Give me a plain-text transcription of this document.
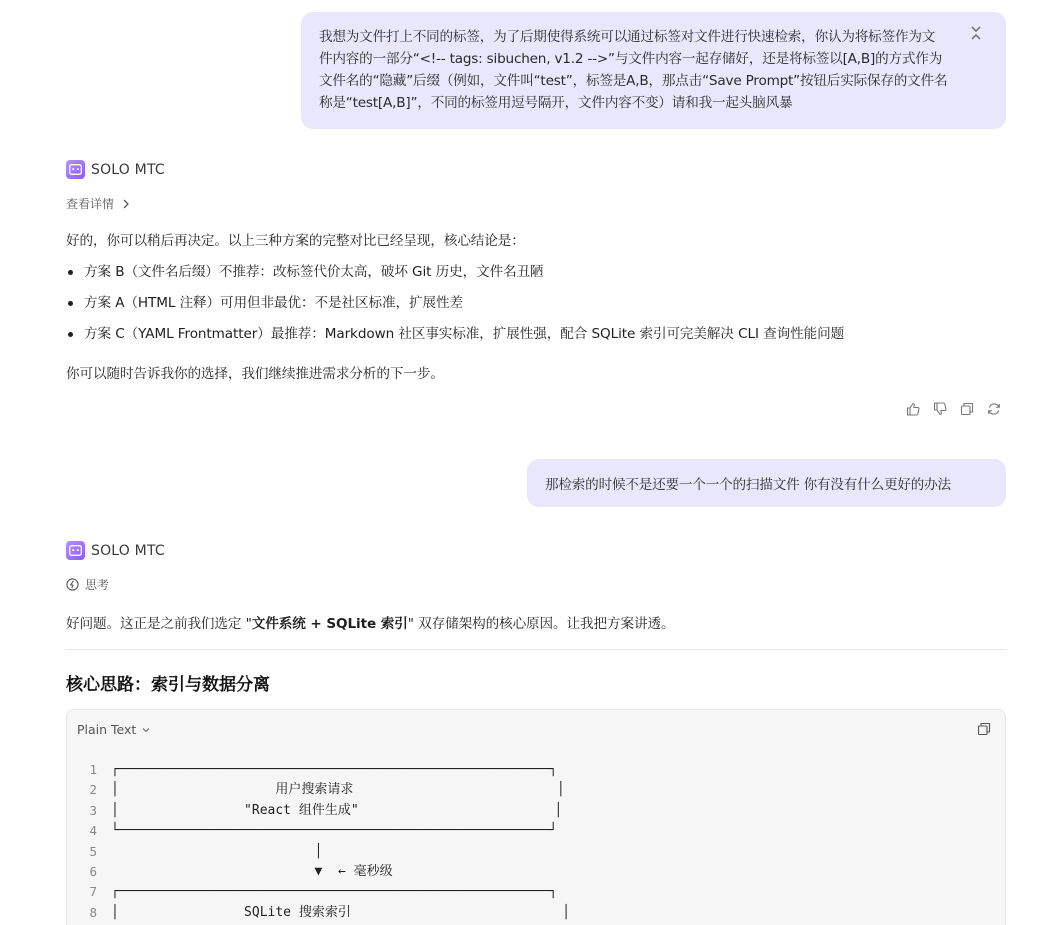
我想为文件打上不同的标签，为了后期使得系统可以通过标签对文件进行快速检索，你认为将标签作为文件内容的一部分“<!-- tags: sibuchen, v1.2 -->”与文件内容一起存储好，还是将标签以[A,B]的方式作为文件名的“隐藏”后缀（例如，文件叫“test”，标签是A,B，那点击“Save Prompt”按钮后实际保存的文件名称是“test[A,B]”，不同的标签用逗号隔开，文件内容不变）请和我一起头脑风暴
SOLO MTC
查看详情
好的，你可以稍后再决定。以上三种方案的完整对比已经呈现，核心结论是：
方案 B（文件名后缀）不推荐：改标签代价太高，破坏 Git 历史，文件名丑陋
方案 A（HTML 注释）可用但非最优：不是社区标准，扩展性差
方案 C（YAML Frontmatter）最推荐：Markdown 社区事实标准，扩展性强，配合 SQLite 索引可完美解决 CLI 查询性能问题
你可以随时告诉我你的选择，我们继续推进需求分析的下一步。
那检索的时候不是还要一个一个的扫描文件 你有没有什么更好的办法
SOLO MTC
思考
好问题。这正是之前我们选定 "文件系统 + SQLite 索引" 双存储架构的核心原因。让我把方案讲透。
核心思路：索引与数据分离
Plain Text
1 ┌───────────────────────────────────────────────────────┐
2 │                    用户搜索请求                          │
3 │                "React 组件生成"                         │
4 └───────────────────────────────────────────────────────┘
5 │
6 ▼  ← 毫秒级
7 ┌───────────────────────────────────────────────────────┐
8 │                SQLite 搜索索引                           │
